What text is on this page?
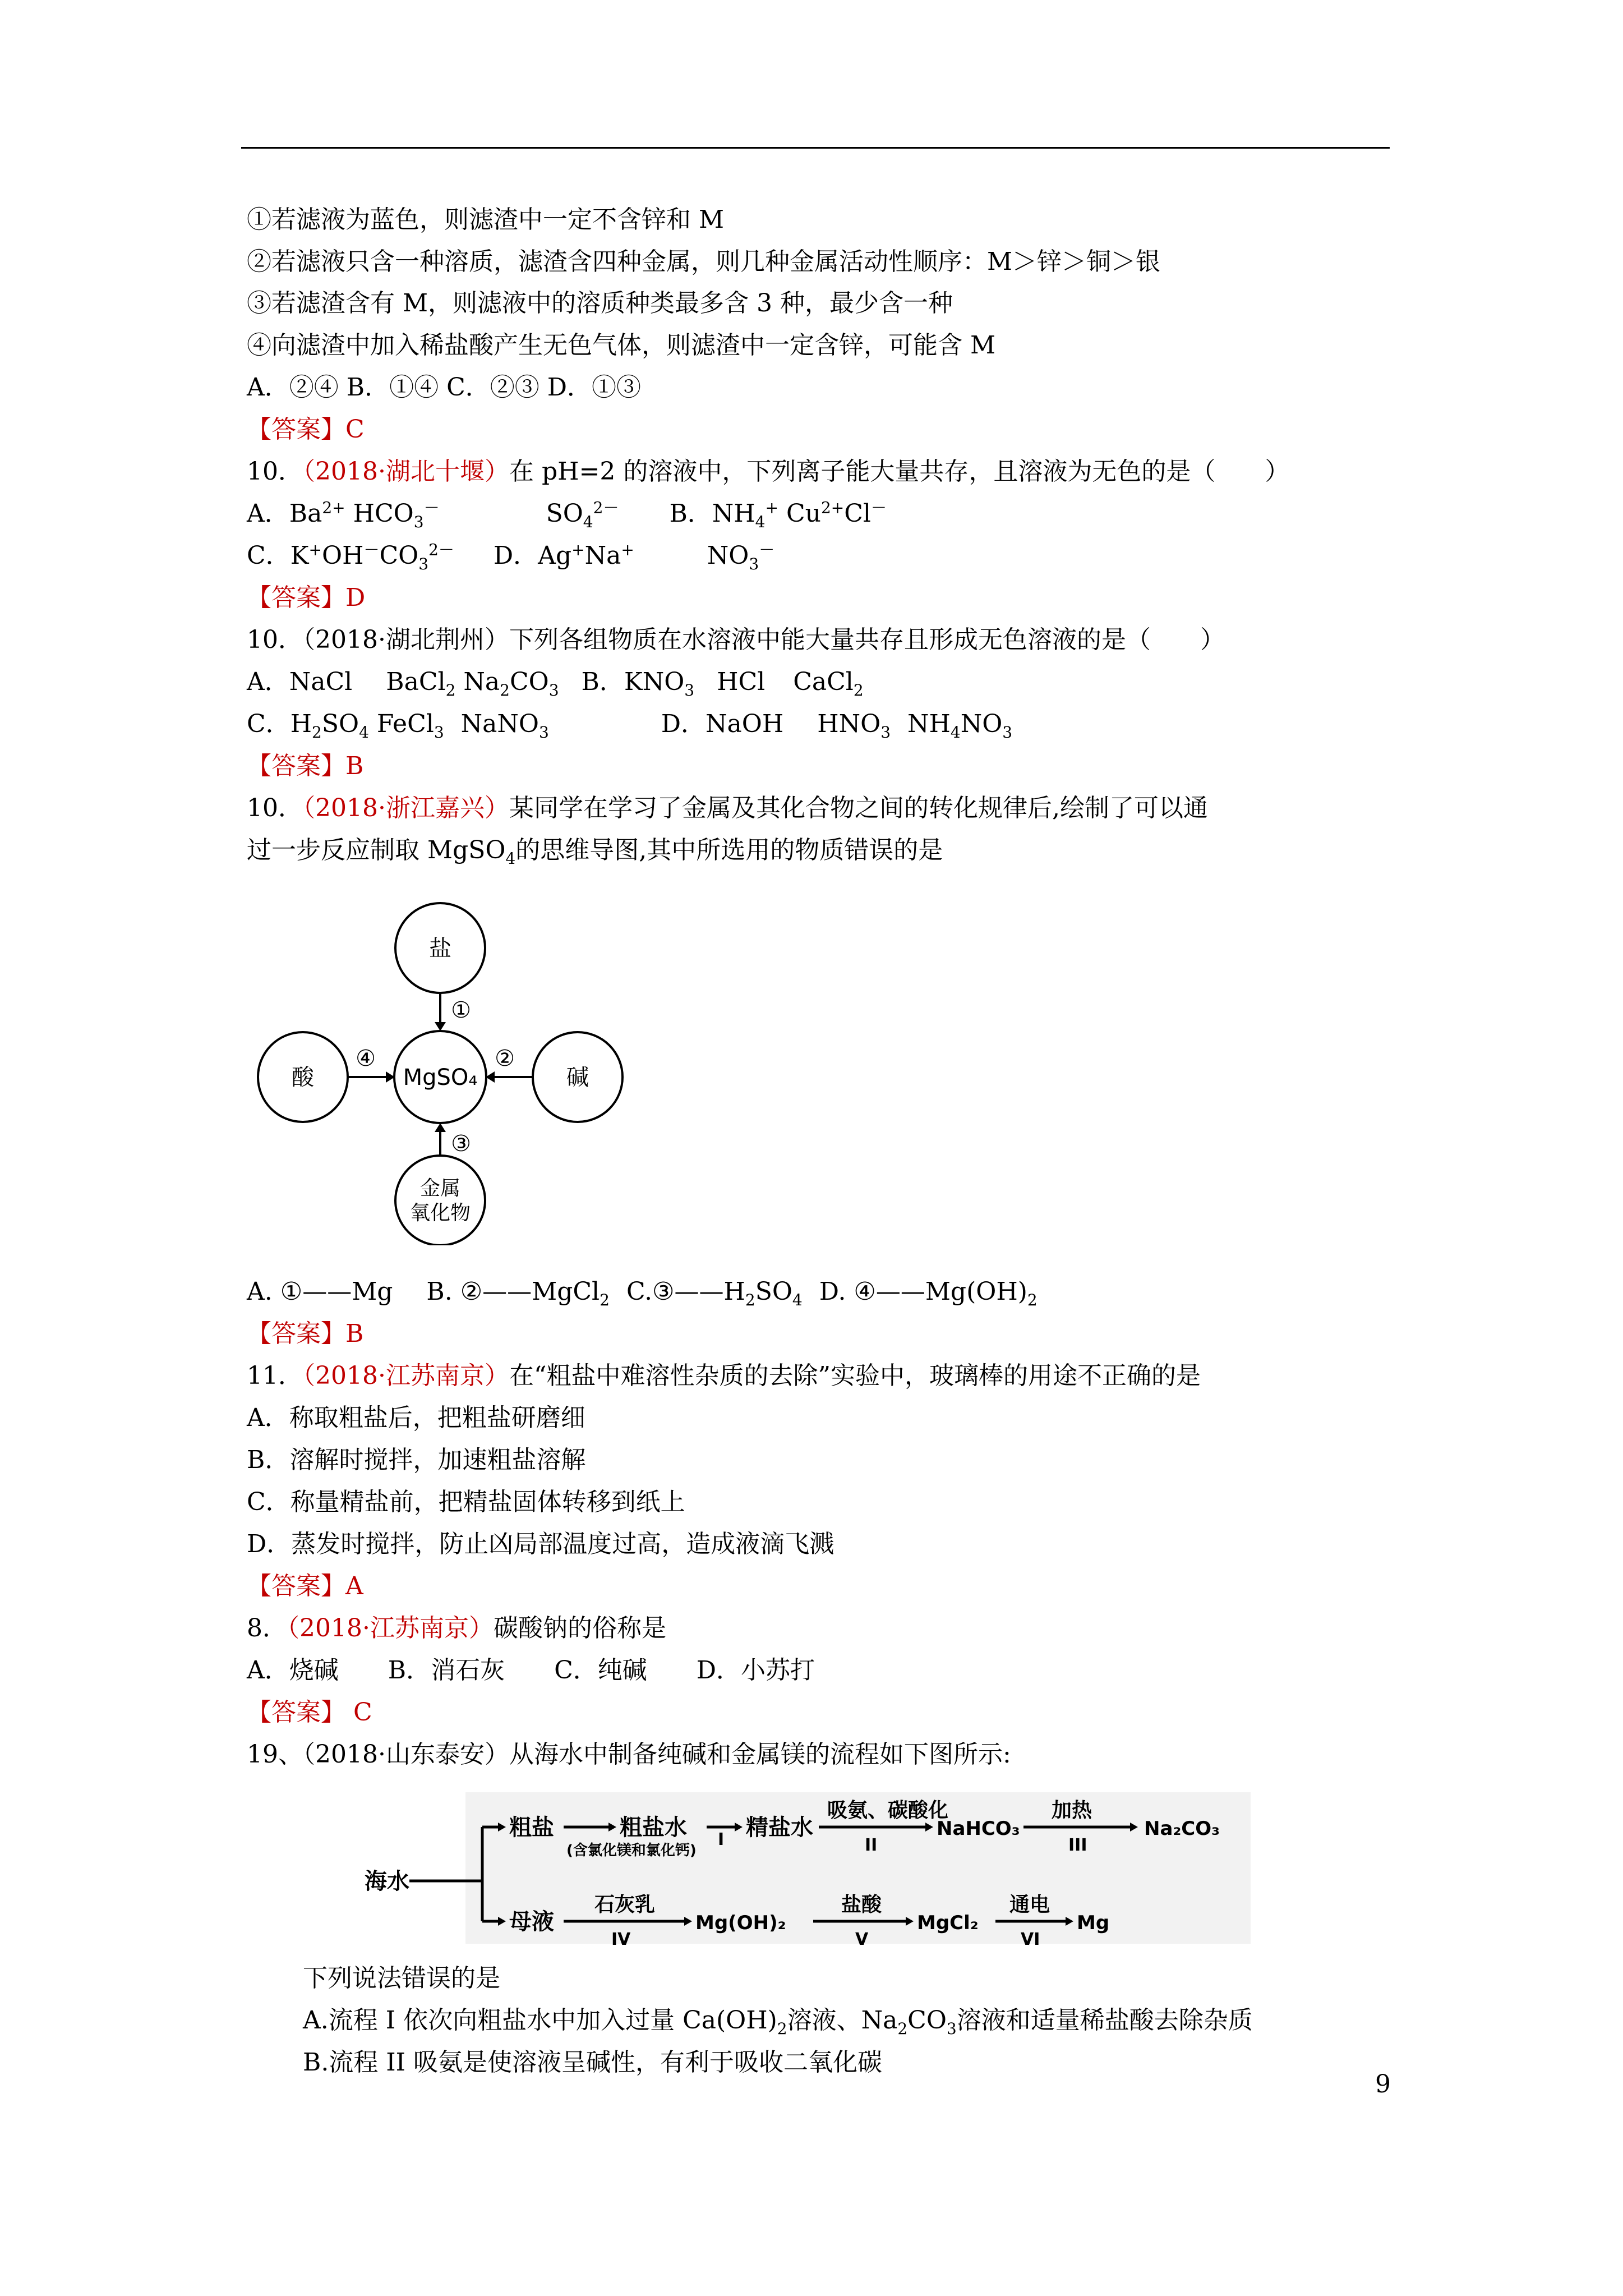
①若滤液为蓝色，则滤渣中一定不含锌和 M
②若滤液只含一种溶质，滤渣含四种金属，则几种金属活动性顺序：M＞锌＞铜＞银
③若滤渣含有 M，则滤液中的溶质种类最多含 3 种，最少含一种
④向滤渣中加入稀盐酸产生无色气体，则滤渣中一定含锌，可能含 M
A．②④ B．①④ C．②③ D．①③
【答案】C
10．（2018·湖北十堰）在 pH=2 的溶液中，下列离子能大量共存，且溶液为无色的是（　　）
A．$Ba^{2+}$ $HCO_3^-$	$SO_4^{2-}$ B．$NH_4^+$ $Cu^{2+}Cl^-$
C．$K^+OH^-CO_3^{2-}$ D．Ag+Na+	$NO_3^-$
【答案】D
10．（2018·湖北荆州）下列各组物质在水溶液中能大量共存且形成无色溶液的是（　　）
A．NaCl BaCl$_2$ $Na_2CO_3$ B．$KNO_3$ HCl CaCl$_2$
C．$H_2SO_4$ FeCl$_3$ NaNO$_3$	D．NaOH $HNO_3$ $NH_4NO_3$
【答案】B
10．（2018·浙江嘉兴）某同学在学习了金属及其化合物之间的转化规律后,绘制了可以通
过一步反应制取 MgSO$_4$的思维导图,其中所选用的物质错误的是
盐
酸	碱
MgSO₄
金属
氧化物
①
②
③
④
A. ①——Mg B. ②——MgCl$_2$ $C.③——H_2SO_4$ D. $④——Mg(OH)_2$
【答案】B
11．（2018·江苏南京）在“粗盐中难溶性杂质的去除”实验中，玻璃棒的用途不正确的是
A．称取粗盐后，把粗盐研磨细
B．溶解时搅拌，加速粗盐溶解
C．称量精盐前，把精盐固体转移到纸上
D．蒸发时搅拌，防止凶局部温度过高，造成液滴飞溅
【答案】A
8．（2018·江苏南京）碳酸钠的俗称是
A．烧碱　　B．消石灰　　C．纯碱　　D．小苏打
【答案】 C
19、（2018·山东泰安）从海水中制备纯碱和金属镁的流程如下图所示:
海水
粗盐	粗盐水
(含氯化镁和氯化钙)
I 精盐水
吸氨、碳酸化
II
NaHCO₃
加热
III
Na₂CO₃
母液
石灰乳
IV
Mg(OH)₂
盐酸
V
MgCl₂
通电
VI
Mg
下列说法错误的是
A.流程 I 依次向粗盐水中加入过量 $Ca(OH)_2$溶液、$Na_2CO_3$溶液和适量稀盐酸去除杂质
B.流程 II 吸氨是使溶液呈碱性，有利于吸收二氧化碳
9
